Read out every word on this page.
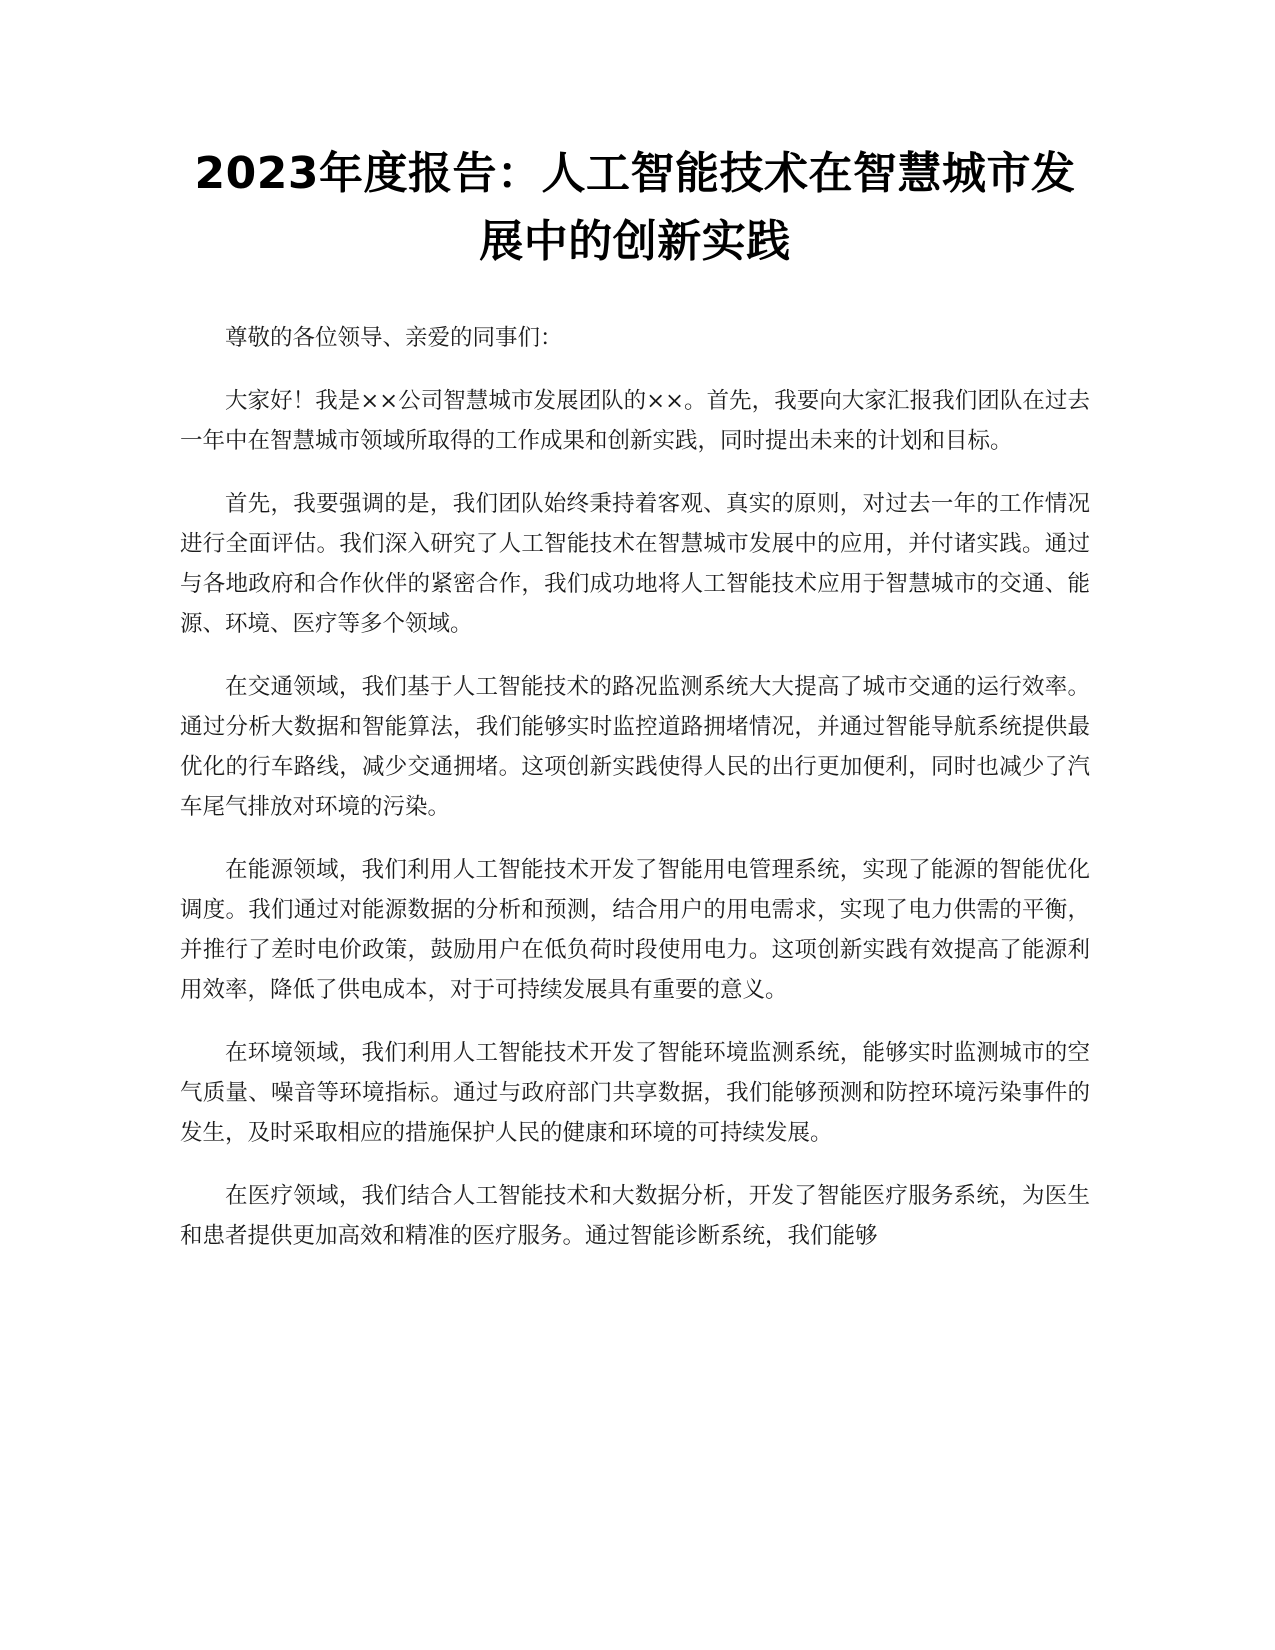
2023年度报告：人工智能技术在智慧城市发展中的创新实践

尊敬的各位领导、亲爱的同事们：

大家好！我是××公司智慧城市发展团队的××。首先，我要向大家汇报我们团队在过去一年中在智慧城市领域所取得的工作成果和创新实践，同时提出未来的计划和目标。

首先，我要强调的是，我们团队始终秉持着客观、真实的原则，对过去一年的工作情况进行全面评估。我们深入研究了人工智能技术在智慧城市发展中的应用，并付诸实践。通过与各地政府和合作伙伴的紧密合作，我们成功地将人工智能技术应用于智慧城市的交通、能源、环境、医疗等多个领域。

在交通领域，我们基于人工智能技术的路况监测系统大大提高了城市交通的运行效率。通过分析大数据和智能算法，我们能够实时监控道路拥堵情况，并通过智能导航系统提供最优化的行车路线，减少交通拥堵。这项创新实践使得人民的出行更加便利，同时也减少了汽车尾气排放对环境的污染。

在能源领域，我们利用人工智能技术开发了智能用电管理系统，实现了能源的智能优化调度。我们通过对能源数据的分析和预测，结合用户的用电需求，实现了电力供需的平衡，并推行了差时电价政策，鼓励用户在低负荷时段使用电力。这项创新实践有效提高了能源利用效率，降低了供电成本，对于可持续发展具有重要的意义。

在环境领域，我们利用人工智能技术开发了智能环境监测系统，能够实时监测城市的空气质量、噪音等环境指标。通过与政府部门共享数据，我们能够预测和防控环境污染事件的发生，及时采取相应的措施保护人民的健康和环境的可持续发展。

在医疗领域，我们结合人工智能技术和大数据分析，开发了智能医疗服务系统，为医生和患者提供更加高效和精准的医疗服务。通过智能诊断系统，我们能够
